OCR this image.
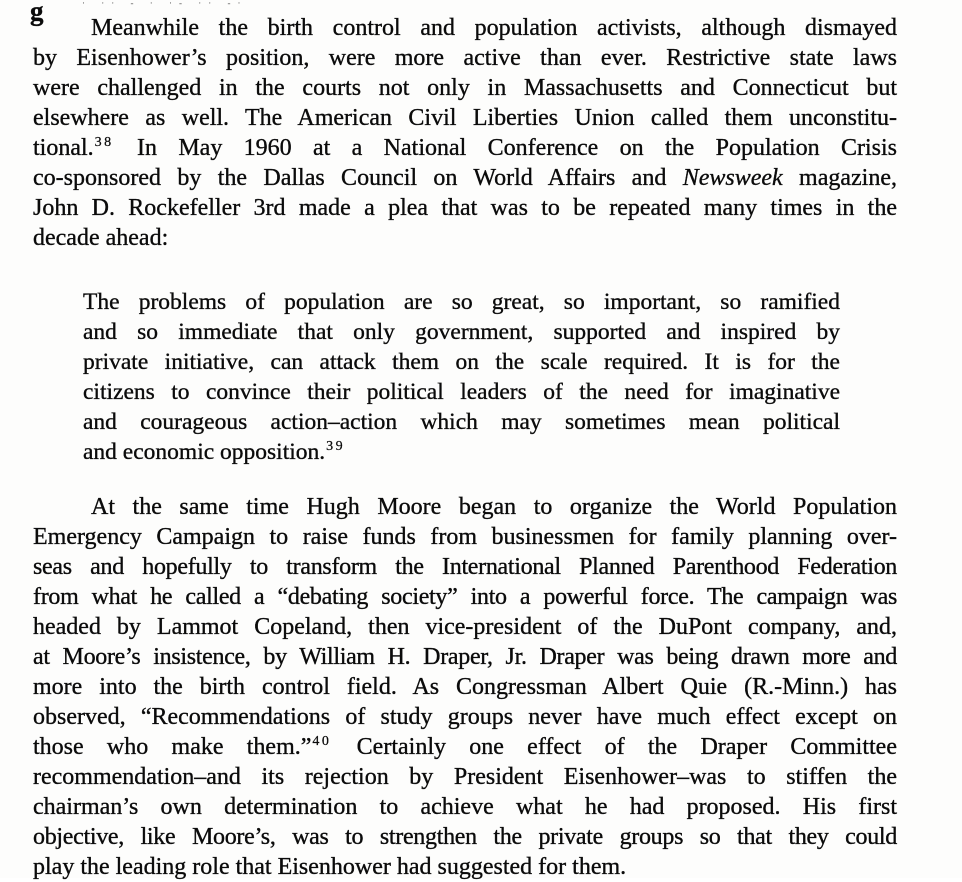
g	· ·· ‐ · ·‐ ·· ‐·
Meanwhile the birth control and population activists, although dismayed
by Eisenhower’s position, were more active than ever. Restrictive state laws
were challenged in the courts not only in Massachusetts and Connecticut but
elsewhere as well. The American Civil Liberties Union called them unconstitu-
tional.$^{38}$ In May 1960 at a National Conference on the Population Crisis
co-sponsored by the Dallas Council on World Affairs and Newsweek magazine,
John D. Rockefeller 3rd made a plea that was to be repeated many times in the
decade ahead:
The problems of population are so great, so important, so ramified
and so immediate that only government, supported and inspired by
private initiative, can attack them on the scale required. It is for the
citizens to convince their political leaders of the need for imaginative
and courageous action–action which may sometimes mean political
and economic opposition.$^{39}$
At the same time Hugh Moore began to organize the World Population
Emergency Campaign to raise funds from businessmen for family planning over-
seas and hopefully to transform the International Planned Parenthood Federation
from what he called a “debating society” into a powerful force. The campaign was
headed by Lammot Copeland, then vice-president of the DuPont company, and,
at Moore’s insistence, by William H. Draper, Jr. Draper was being drawn more and
more into the birth control field. As Congressman Albert Quie (R.-Minn.) has
observed, “Recommendations of study groups never have much effect except on
those who make them.”$^{40}$ Certainly one effect of the Draper Committee
recommendation–and its rejection by President Eisenhower–was to stiffen the
chairman’s own determination to achieve what he had proposed. His first
objective, like Moore’s, was to strengthen the private groups so that they could
play the leading role that Eisenhower had suggested for them.
